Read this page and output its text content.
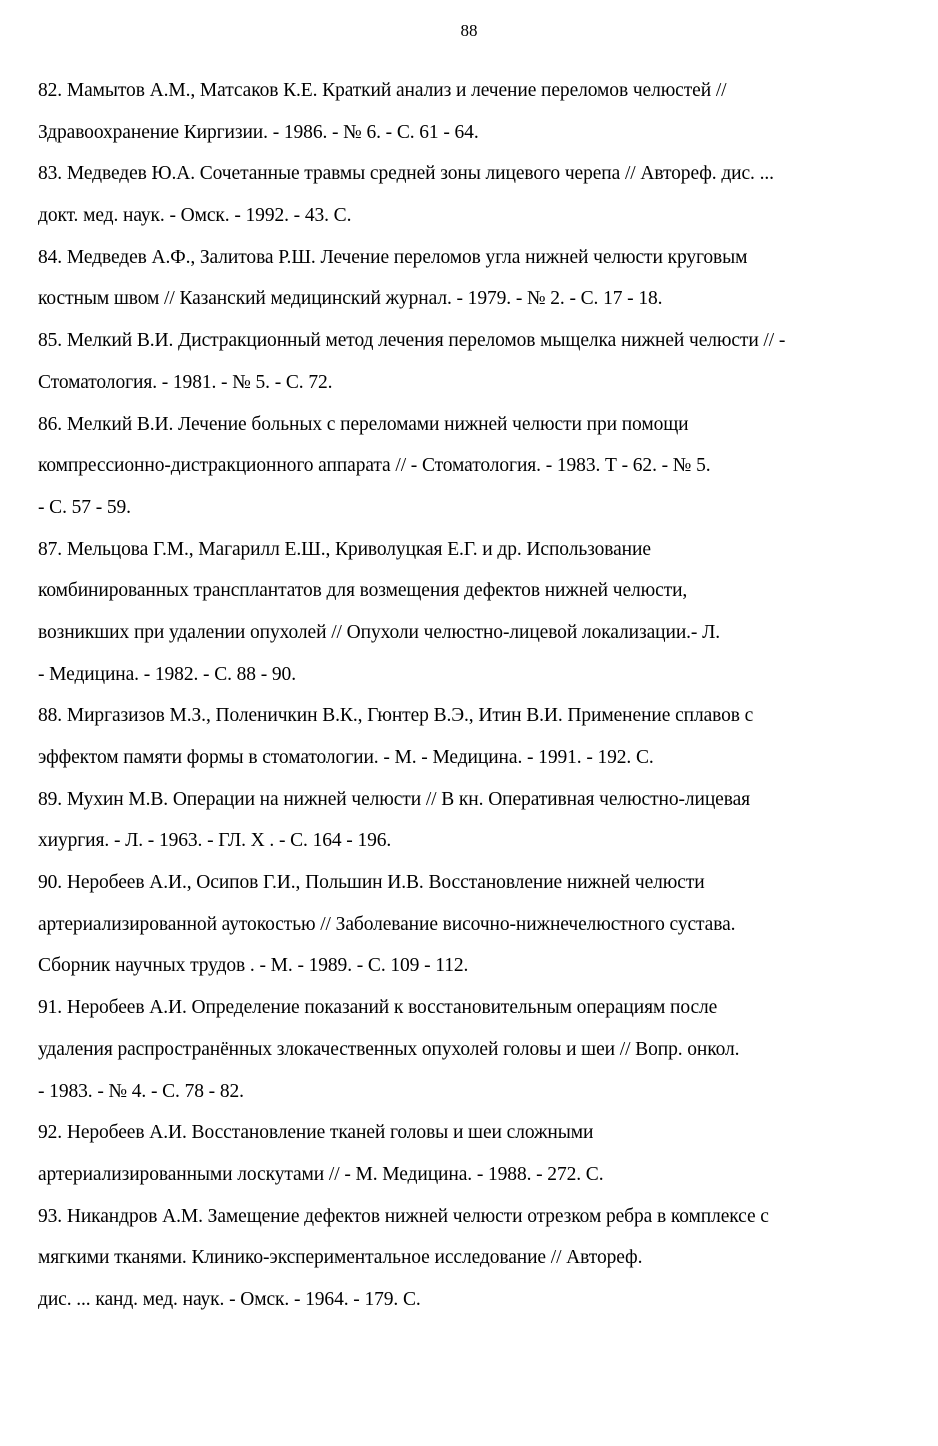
88
82. Мамытов А.М., Матсаков К.Е. Краткий анализ и лечение переломов челюстей //
Здравоохранение Киргизии. - 1986. - № 6. - С. 61 - 64.
83. Медведев Ю.А. Сочетанные травмы средней зоны лицевого черепа // Автореф. дис. ...
докт. мед. наук. - Омск. - 1992. - 43. С.
84. Медведев А.Ф., Залитова Р.Ш. Лечение переломов угла нижней челюсти круговым
костным швом // Казанский медицинский журнал. - 1979. - № 2. - С. 17 - 18.
85. Мелкий В.И. Дистракционный метод лечения переломов мыщелка нижней челюсти // -
Стоматология. - 1981. - № 5. - С. 72.
86. Мелкий В.И. Лечение больных с переломами нижней челюсти при помощи
компрессионно-дистракционного аппарата // - Стоматология. - 1983. Т - 62. - № 5.
- С. 57 - 59.
87. Мельцова Г.М., Магарилл Е.Ш., Криволуцкая Е.Г. и др. Использование
комбинированных трансплантатов для возмещения дефектов нижней челюсти,
возникших при удалении опухолей // Опухоли челюстно-лицевой локализации.- Л.
- Медицина. - 1982. - С. 88 - 90.
88. Миргазизов М.З., Поленичкин В.К., Гюнтер В.Э., Итин В.И. Применение сплавов с
эффектом памяти формы в стоматологии. - М. - Медицина. - 1991. - 192. С.
89. Мухин М.В. Операции на нижней челюсти // В кн. Оперативная челюстно-лицевая
хиургия. - Л. - 1963. - ГЛ. Х . - С. 164 - 196.
90. Неробеев А.И., Осипов Г.И., Польшин И.В. Восстановление нижней челюсти
артериализированной аутокостью // Заболевание височно-нижнечелюстного сустава.
Сборник научных трудов . - М. - 1989. - С. 109 - 112.
91. Неробеев А.И. Определение показаний к восстановительным операциям после
удаления распространённых злокачественных опухолей головы и шеи // Вопр. онкол.
- 1983. - № 4. - С. 78 - 82.
92. Неробеев А.И. Восстановление тканей головы и шеи сложными
артериализированными лоскутами // - М. Медицина. - 1988. - 272. С.
93. Никандров А.М. Замещение дефектов нижней челюсти отрезком ребра в комплексе с
мягкими тканями. Клинико-экспериментальное исследование // Автореф.
дис. ... канд. мед. наук. - Омск. - 1964. - 179. С.
